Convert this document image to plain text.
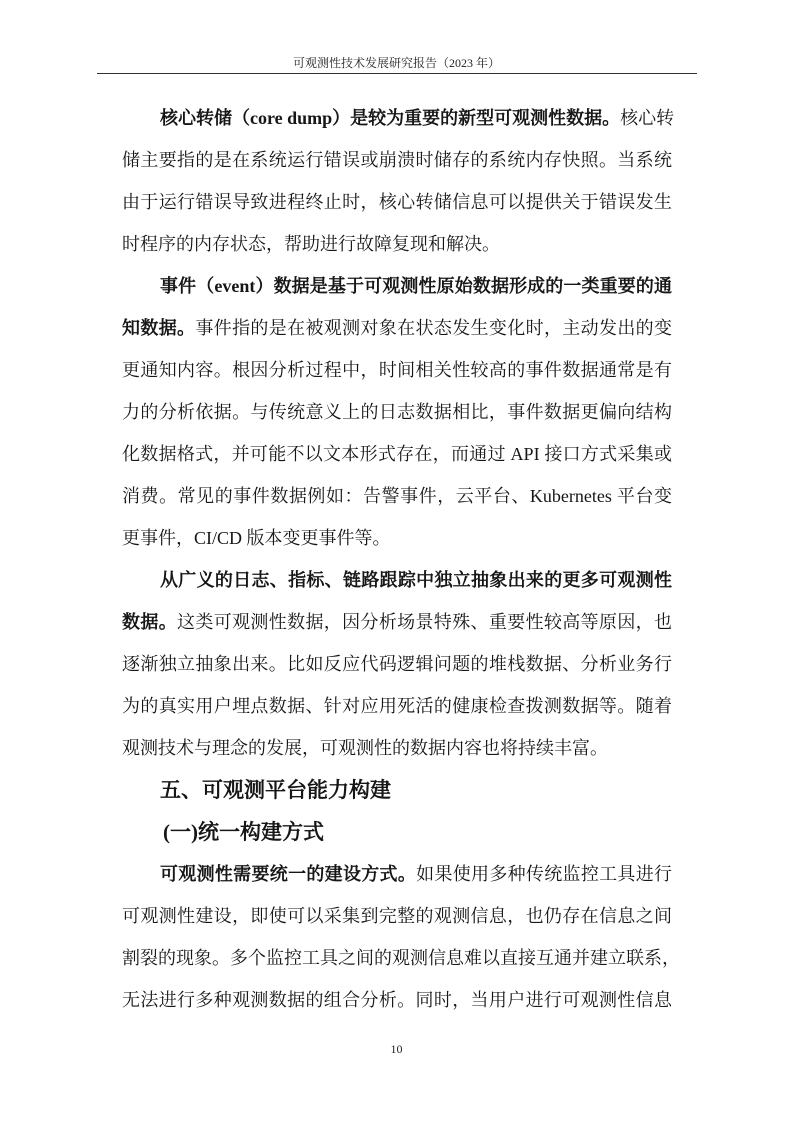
可观测性技术发展研究报告（2023 年）
核心转储（core dump）是较为重要的新型可观测性数据。核心转
储主要指的是在系统运行错误或崩溃时储存的系统内存快照。当系统
由于运行错误导致进程终止时，核心转储信息可以提供关于错误发生
时程序的内存状态，帮助进行故障复现和解决。
事件（event）数据是基于可观测性原始数据形成的一类重要的通
知数据。事件指的是在被观测对象在状态发生变化时，主动发出的变
更通知内容。根因分析过程中，时间相关性较高的事件数据通常是有
力的分析依据。与传统意义上的日志数据相比，事件数据更偏向结构
化数据格式，并可能不以文本形式存在，而通过 API 接口方式采集或
消费。常见的事件数据例如：告警事件，云平台、Kubernetes 平台变
更事件，CI/CD 版本变更事件等。
从广义的日志、指标、链路跟踪中独立抽象出来的更多可观测性
数据。这类可观测性数据，因分析场景特殊、重要性较高等原因，也
逐渐独立抽象出来。比如反应代码逻辑问题的堆栈数据、分析业务行
为的真实用户埋点数据、针对应用死活的健康检查拨测数据等。随着
观测技术与理念的发展，可观测性的数据内容也将持续丰富。
五、可观测平台能力构建
(一)统一构建方式
可观测性需要统一的建设方式。如果使用多种传统监控工具进行
可观测性建设，即使可以采集到完整的观测信息，也仍存在信息之间
割裂的现象。多个监控工具之间的观测信息难以直接互通并建立联系，
无法进行多种观测数据的组合分析。同时，当用户进行可观测性信息
10
